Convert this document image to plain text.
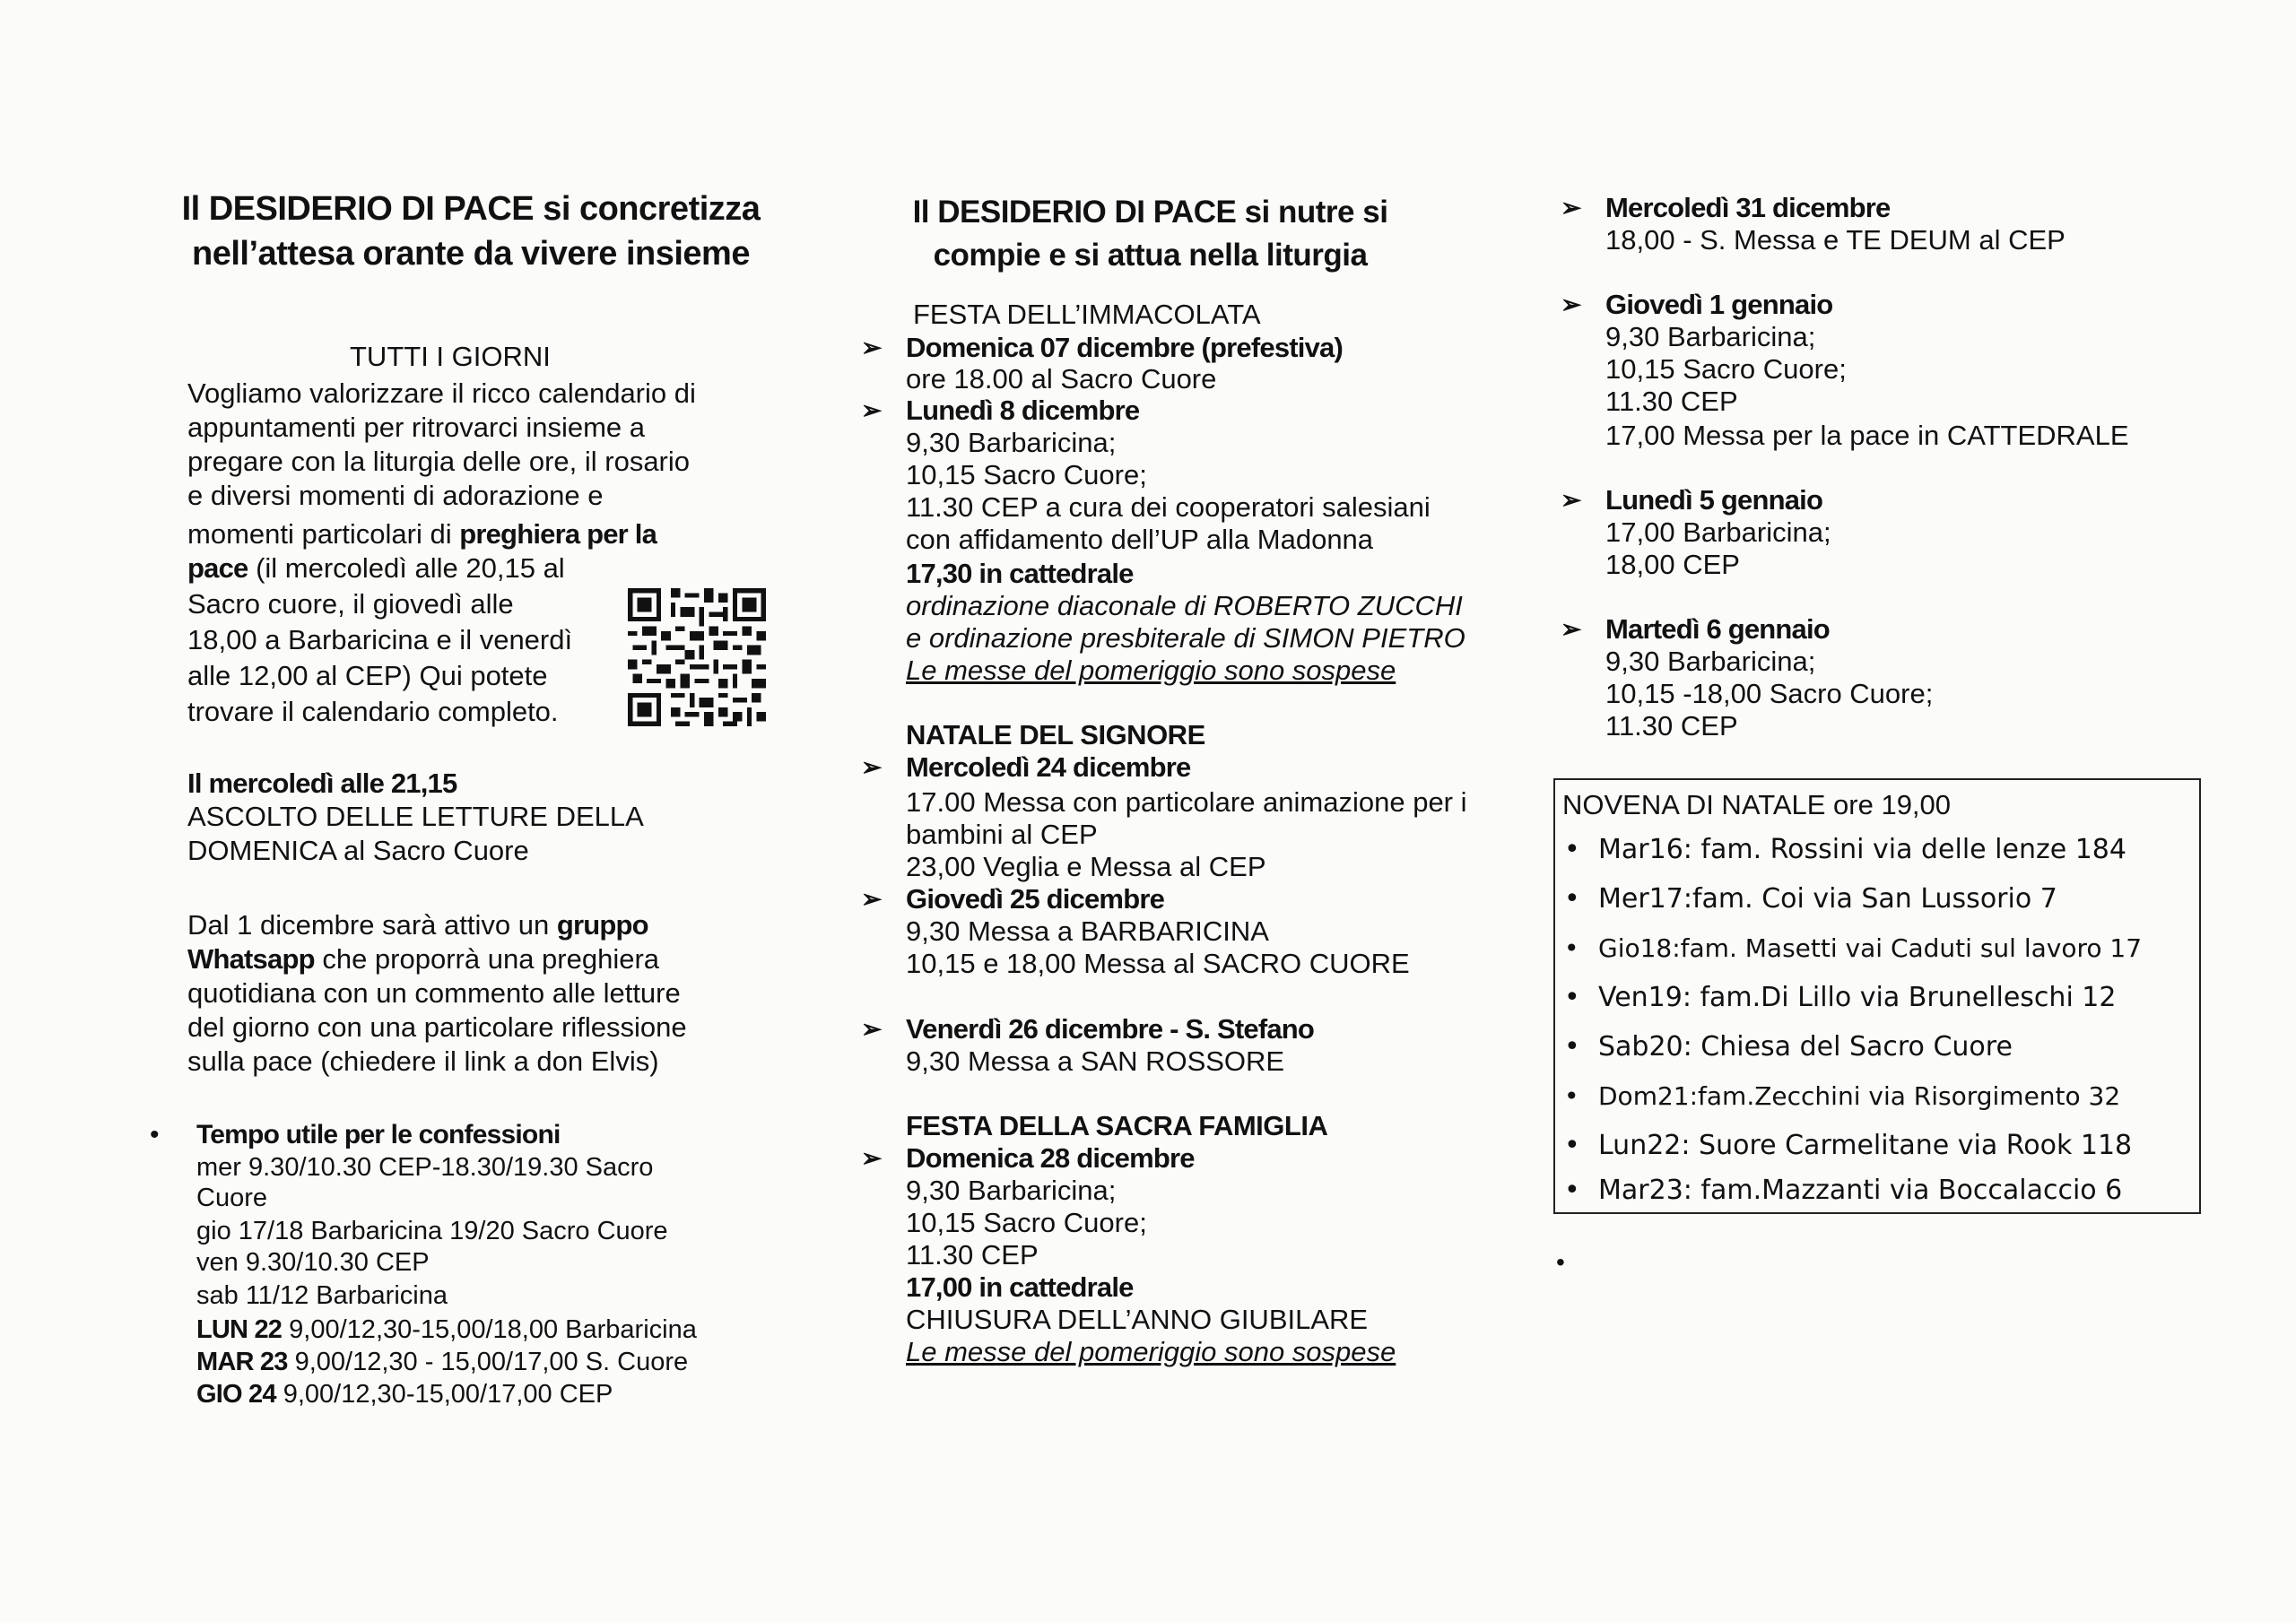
Il DESIDERIO DI PACE si concretizza nell’attesa orante da vivere insieme
TUTTI I GIORNI
Vogliamo valorizzare il ricco calendario di
appuntamenti per ritrovarci insieme a
pregare con la liturgia delle ore, il rosario
e diversi momenti di adorazione e
momenti particolari di preghiera per la
pace (il mercoledì alle 20,15 al
Sacro cuore, il giovedì alle
18,00 a Barbaricina e il venerdì
alle 12,00 al CEP) Qui potete
trovare il calendario completo.
Il mercoledì alle 21,15
ASCOLTO DELLE LETTURE DELLA
DOMENICA al Sacro Cuore
Dal 1 dicembre sarà attivo un gruppo
Whatsapp che proporrà una preghiera
quotidiana con un commento alle letture
del giorno con una particolare riflessione
sulla pace (chiedere il link a don Elvis)
• Tempo utile per le confessioni
mer 9.30/10.30 CEP-18.30/19.30 Sacro
Cuore
gio 17/18 Barbaricina 19/20 Sacro Cuore
ven 9.30/10.30 CEP
sab 11/12 Barbaricina
LUN 22 9,00/12,30-15,00/18,00 Barbaricina
MAR 23 9,00/12,30 - 15,00/17,00 S. Cuore
GIO 24 9,00/12,30-15,00/17,00 CEP
Il DESIDERIO DI PACE si nutre si compie e si attua nella liturgia
FESTA DELL’IMMACOLATA
➢ Domenica 07 dicembre (prefestiva)
ore 18.00 al Sacro Cuore
➢ Lunedì 8 dicembre
9,30 Barbaricina;
10,15 Sacro Cuore;
11.30 CEP a cura dei cooperatori salesiani
con affidamento dell’UP alla Madonna
17,30 in cattedrale
ordinazione diaconale di ROBERTO ZUCCHI
e ordinazione presbiterale di SIMON PIETRO
Le messe del pomeriggio sono sospese
NATALE DEL SIGNORE
➢ Mercoledì 24 dicembre
17.00 Messa con particolare animazione per i
bambini al CEP
23,00 Veglia e Messa al CEP
➢ Giovedì 25 dicembre
9,30 Messa a BARBARICINA
10,15 e 18,00 Messa al SACRO CUORE
➢ Venerdì 26 dicembre - S. Stefano
9,30 Messa a SAN ROSSORE
FESTA DELLA SACRA FAMIGLIA
➢ Domenica 28 dicembre
9,30 Barbaricina;
10,15 Sacro Cuore;
11.30 CEP
17,00 in cattedrale
CHIUSURA DELL’ANNO GIUBILARE
Le messe del pomeriggio sono sospese
➢ Mercoledì 31 dicembre
18,00 - S. Messa e TE DEUM al CEP
➢ Giovedì 1 gennaio
9,30 Barbaricina;
10,15 Sacro Cuore;
11.30 CEP
17,00 Messa per la pace in CATTEDRALE
➢ Lunedì 5 gennaio
17,00 Barbaricina;
18,00 CEP
➢ Martedì 6 gennaio
9,30 Barbaricina;
10,15 -18,00 Sacro Cuore;
11.30 CEP
NOVENA DI NATALE ore 19,00
• Mar16: fam. Rossini via delle lenze 184
• Mer17:fam. Coi via San Lussorio 7
• Gio18:fam. Masetti vai Caduti sul lavoro 17
• Ven19: fam.Di Lillo via Brunelleschi 12
• Sab20: Chiesa del Sacro Cuore
• Dom21:fam.Zecchini via Risorgimento 32
• Lun22: Suore Carmelitane via Rook 118
• Mar23: fam.Mazzanti via Boccalaccio 6
•
